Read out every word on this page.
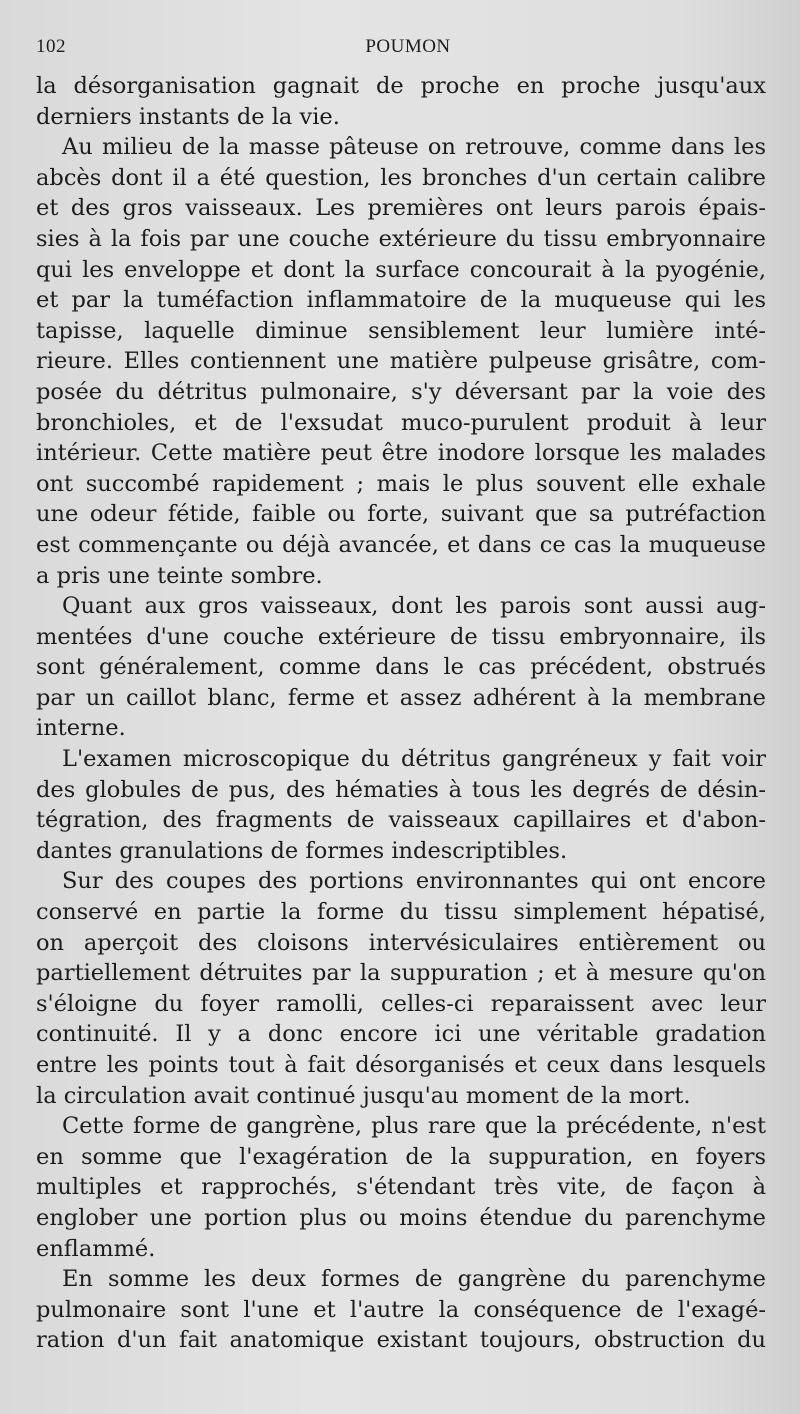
102	POUMON
la désorganisation gagnait de proche en proche jusqu'aux
derniers instants de la vie.
Au milieu de la masse pâteuse on retrouve, comme dans les
abcès dont il a été question, les bronches d'un certain calibre
et des gros vaisseaux. Les premières ont leurs parois épais-
sies à la fois par une couche extérieure du tissu embryonnaire
qui les enveloppe et dont la surface concourait à la pyogénie,
et par la tuméfaction inflammatoire de la muqueuse qui les
tapisse, laquelle diminue sensiblement leur lumière inté-
rieure. Elles contiennent une matière pulpeuse grisâtre, com-
posée du détritus pulmonaire, s'y déversant par la voie des
bronchioles, et de l'exsudat muco-purulent produit à leur
intérieur. Cette matière peut être inodore lorsque les malades
ont succombé rapidement ; mais le plus souvent elle exhale
une odeur fétide, faible ou forte, suivant que sa putréfaction
est commençante ou déjà avancée, et dans ce cas la muqueuse
a pris une teinte sombre.
Quant aux gros vaisseaux, dont les parois sont aussi aug-
mentées d'une couche extérieure de tissu embryonnaire, ils
sont généralement, comme dans le cas précédent, obstrués
par un caillot blanc, ferme et assez adhérent à la membrane
interne.
L'examen microscopique du détritus gangréneux y fait voir
des globules de pus, des hématies à tous les degrés de désin-
tégration, des fragments de vaisseaux capillaires et d'abon-
dantes granulations de formes indescriptibles.
Sur des coupes des portions environnantes qui ont encore
conservé en partie la forme du tissu simplement hépatisé,
on aperçoit des cloisons intervésiculaires entièrement ou
partiellement détruites par la suppuration ; et à mesure qu'on
s'éloigne du foyer ramolli, celles-ci reparaissent avec leur
continuité. Il y a donc encore ici une véritable gradation
entre les points tout à fait désorganisés et ceux dans lesquels
la circulation avait continué jusqu'au moment de la mort.
Cette forme de gangrène, plus rare que la précédente, n'est
en somme que l'exagération de la suppuration, en foyers
multiples et rapprochés, s'étendant très vite, de façon à
englober une portion plus ou moins étendue du parenchyme
enflammé.
En somme les deux formes de gangrène du parenchyme
pulmonaire sont l'une et l'autre la conséquence de l'exagé-
ration d'un fait anatomique existant toujours, obstruction du
